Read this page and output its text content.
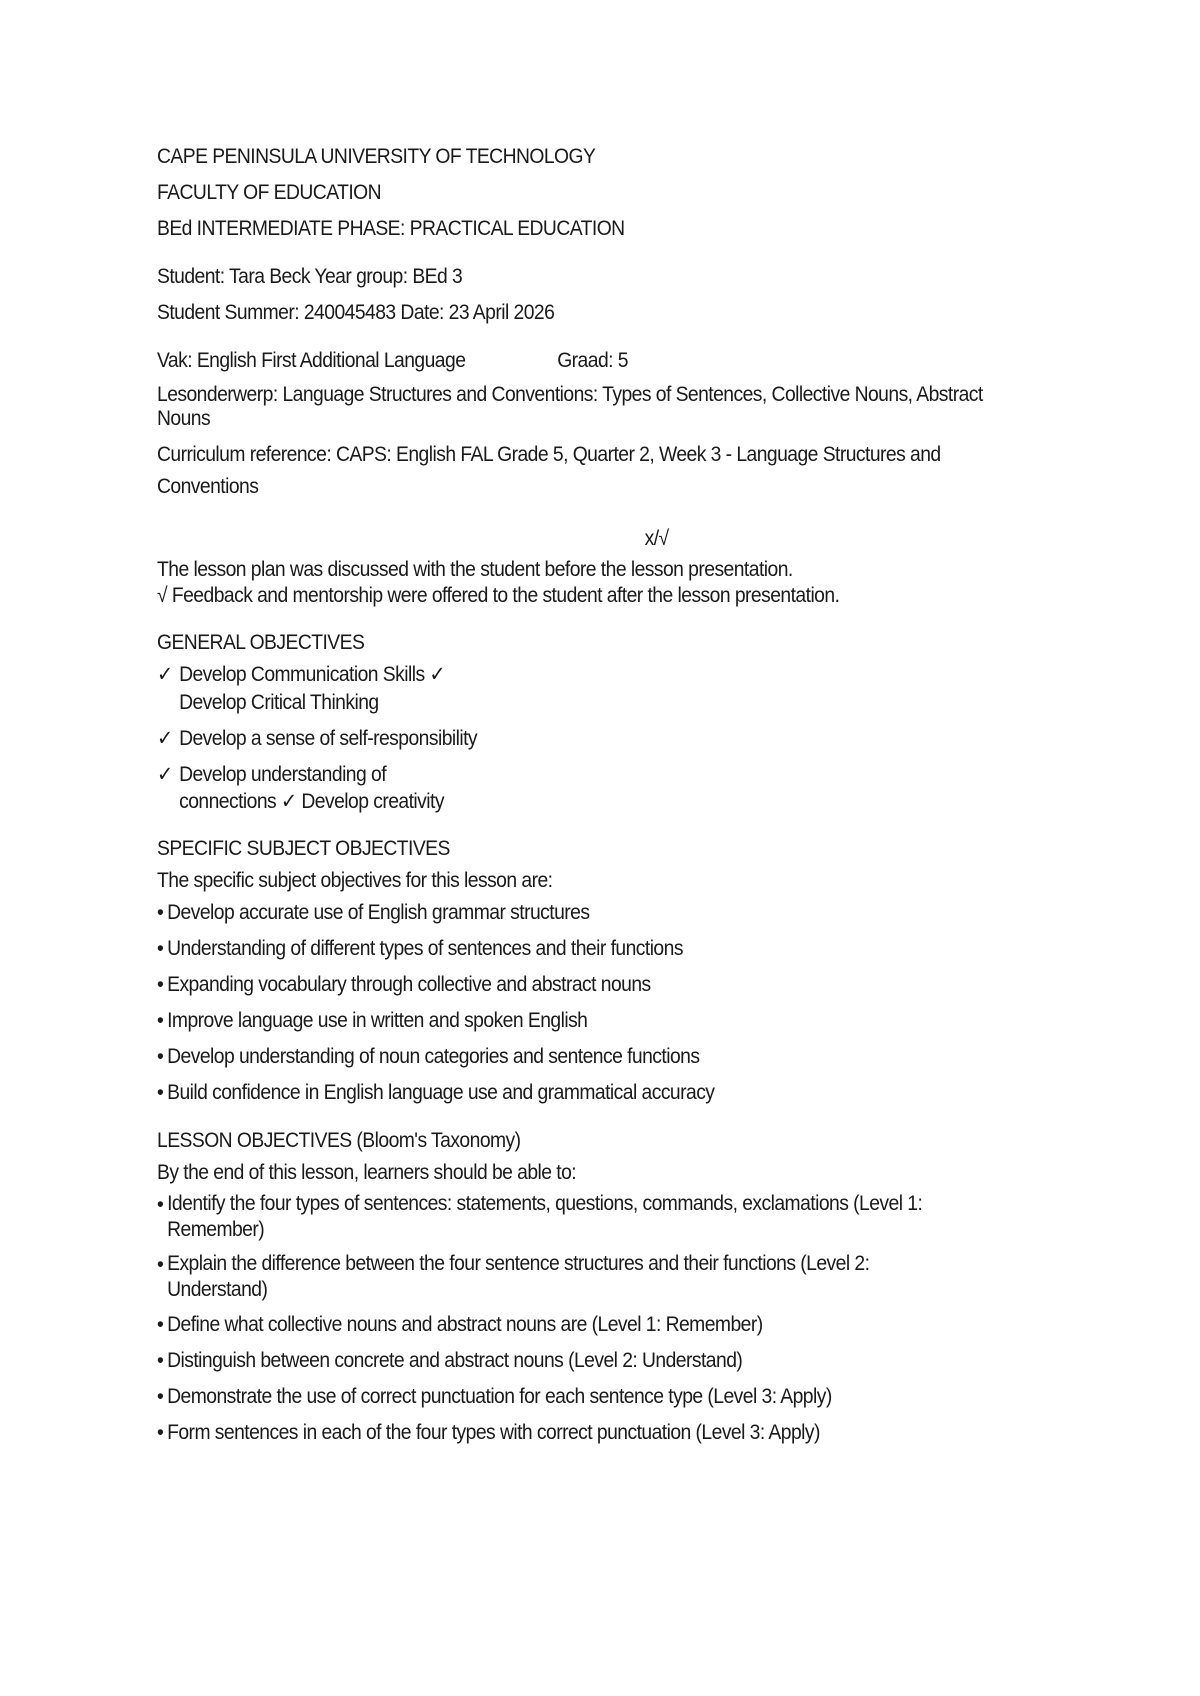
CAPE PENINSULA UNIVERSITY OF TECHNOLOGY

FACULTY OF EDUCATION

BEd INTERMEDIATE PHASE: PRACTICAL EDUCATION

Student: Tara Beck Year group: BEd 3

Student Summer: 240045483 Date: 23 April 2026

Vak: English First Additional Language	Graad: 5

Lesonderwerp: Language Structures and Conventions: Types of Sentences, Collective Nouns, Abstract Nouns

Curriculum reference: CAPS: English FAL Grade 5, Quarter 2, Week 3 - Language Structures and Conventions

x/√

The lesson plan was discussed with the student before the lesson presentation.

√ Feedback and mentorship were offered to the student after the lesson presentation.

GENERAL OBJECTIVES

✓ Develop Communication Skills ✓ Develop Critical Thinking
✓ Develop a sense of self-responsibility
✓ Develop understanding of connections ✓ Develop creativity

SPECIFIC SUBJECT OBJECTIVES

The specific subject objectives for this lesson are:

• Develop accurate use of English grammar structures
• Understanding of different types of sentences and their functions
• Expanding vocabulary through collective and abstract nouns
• Improve language use in written and spoken English
• Develop understanding of noun categories and sentence functions
• Build confidence in English language use and grammatical accuracy

LESSON OBJECTIVES (Bloom's Taxonomy)

By the end of this lesson, learners should be able to:

• Identify the four types of sentences: statements, questions, commands, exclamations (Level 1: Remember)
• Explain the difference between the four sentence structures and their functions (Level 2: Understand)
• Define what collective nouns and abstract nouns are (Level 1: Remember)
• Distinguish between concrete and abstract nouns (Level 2: Understand)
• Demonstrate the use of correct punctuation for each sentence type (Level 3: Apply)
• Form sentences in each of the four types with correct punctuation (Level 3: Apply)
